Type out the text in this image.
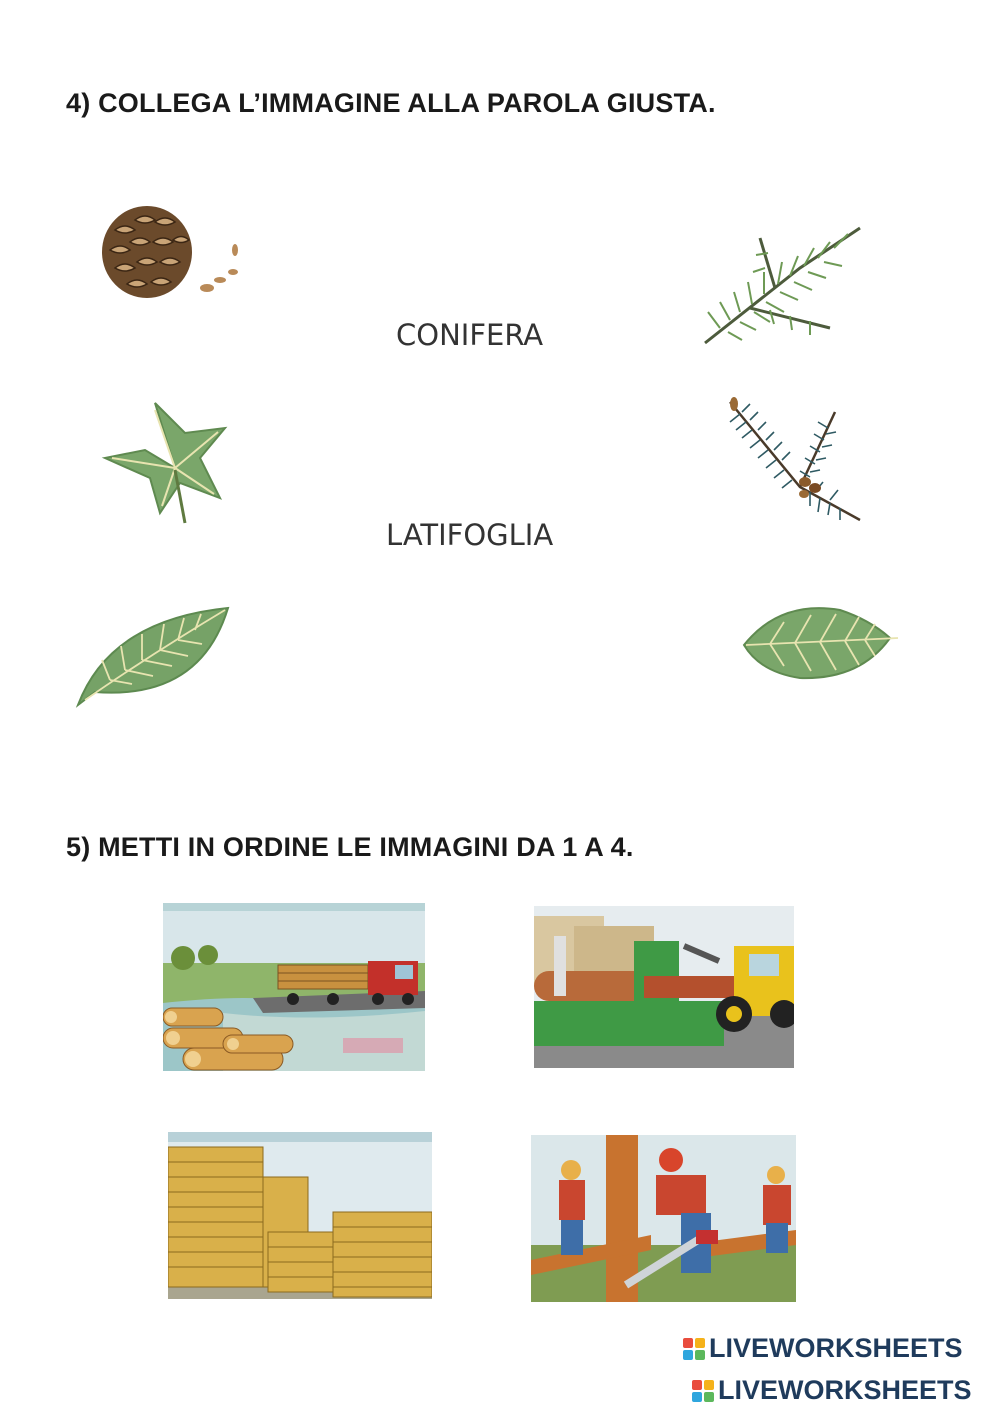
4) COLLEGA L’IMMAGINE ALLA PAROLA GIUSTA.
CONIFERA
LATIFOGLIA
5) METTI IN ORDINE LE IMMAGINI DA 1 A 4.
LIVEWORKSHEETS
LIVEWORKSHEETS
